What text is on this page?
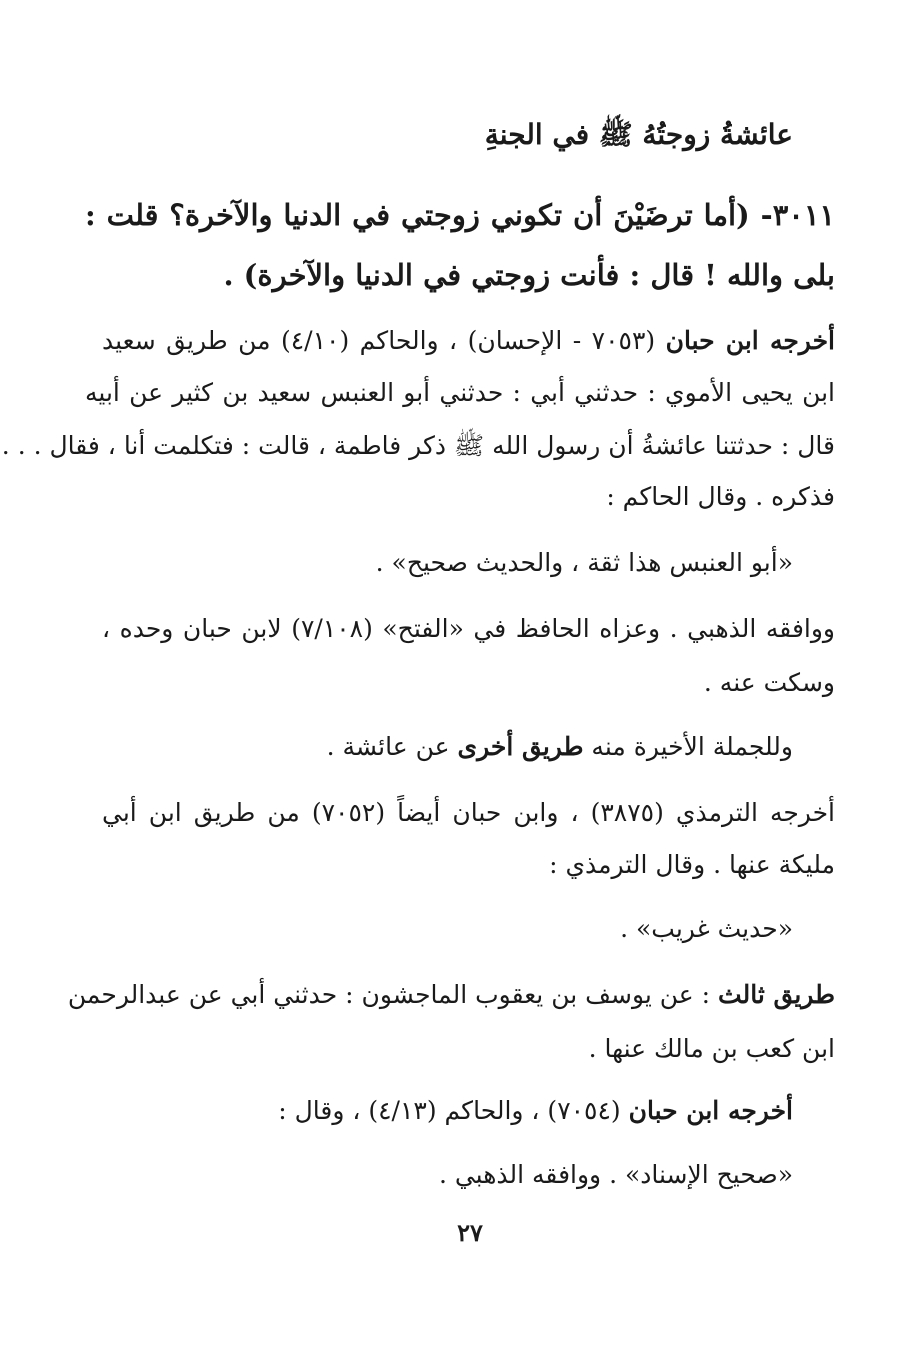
عائشةُ زوجتُهُ ﷺ في الجنةِ
٣٠١١- (أما ترضَيْنَ أن تكوني زوجتي في الدنيا والآخرة؟ قلت :
بلى والله ! قال : فأنت زوجتي في الدنيا والآخرة) .
أخرجه ابن حبان (٧٠٥٣ - الإحسان) ، والحاكم (٤/١٠) من طريق سعيد
ابن يحيى الأموي : حدثني أبي : حدثني أبو العنبس سعيد بن كثير عن أبيه
قال : حدثتنا عائشةُ أن رسول الله ﷺ ذكر فاطمة ، قالت : فتكلمت أنا ، فقال . . .
فذكره . وقال الحاكم :
«أبو العنبس هذا ثقة ، والحديث صحيح» .
ووافقه الذهبي . وعزاه الحافظ في «الفتح» (٧/١٠٨) لابن حبان وحده ،
وسكت عنه .
وللجملة الأخيرة منه طريق أخرى عن عائشة .
أخرجه الترمذي (٣٨٧٥) ، وابن حبان أيضاً (٧٠٥٢) من طريق ابن أبي
مليكة عنها . وقال الترمذي :
«حديث غريب» .
طريق ثالث : عن يوسف بن يعقوب الماجشون : حدثني أبي عن عبدالرحمن
ابن كعب بن مالك عنها .
أخرجه ابن حبان (٧٠٥٤) ، والحاكم (٤/١٣) ، وقال :
«صحيح الإسناد» . ووافقه الذهبي .
٢٧
